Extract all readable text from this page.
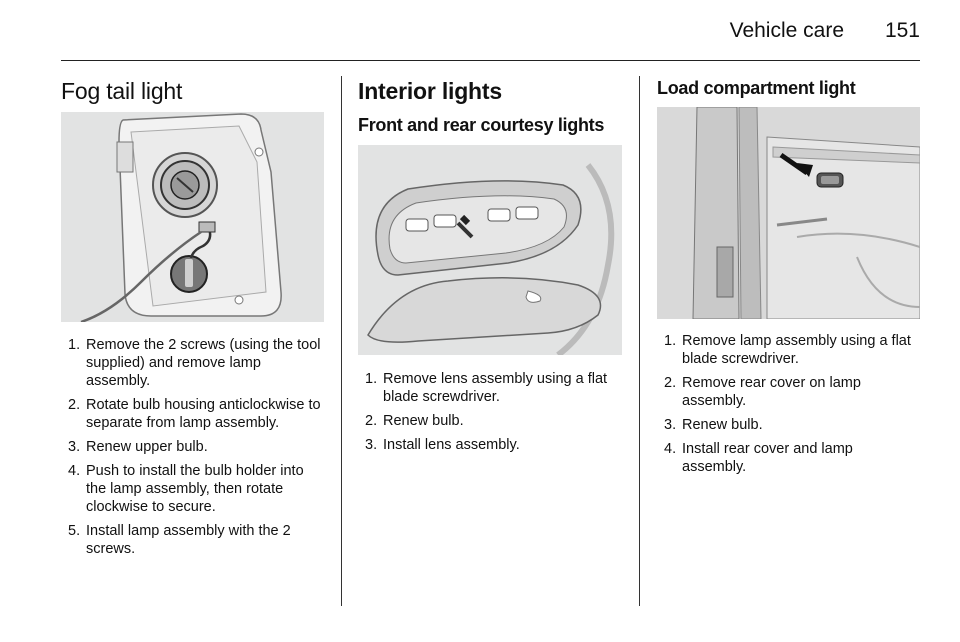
Vehicle care 151
Fog tail light
1. Remove the 2 screws (using the tool supplied) and remove lamp assembly.
2. Rotate bulb housing anticlockwise to separate from lamp assembly.
3. Renew upper bulb.
4. Push to install the bulb holder into the lamp assembly, then rotate clockwise to secure.
5. Install lamp assembly with the 2 screws.
Interior lights
Front and rear courtesy lights
1. Remove lens assembly using a flat blade screwdriver.
2. Renew bulb.
3. Install lens assembly.
Load compartment light
1. Remove lamp assembly using a flat blade screwdriver.
2. Remove rear cover on lamp assembly.
3. Renew bulb.
4. Install rear cover and lamp assembly.
